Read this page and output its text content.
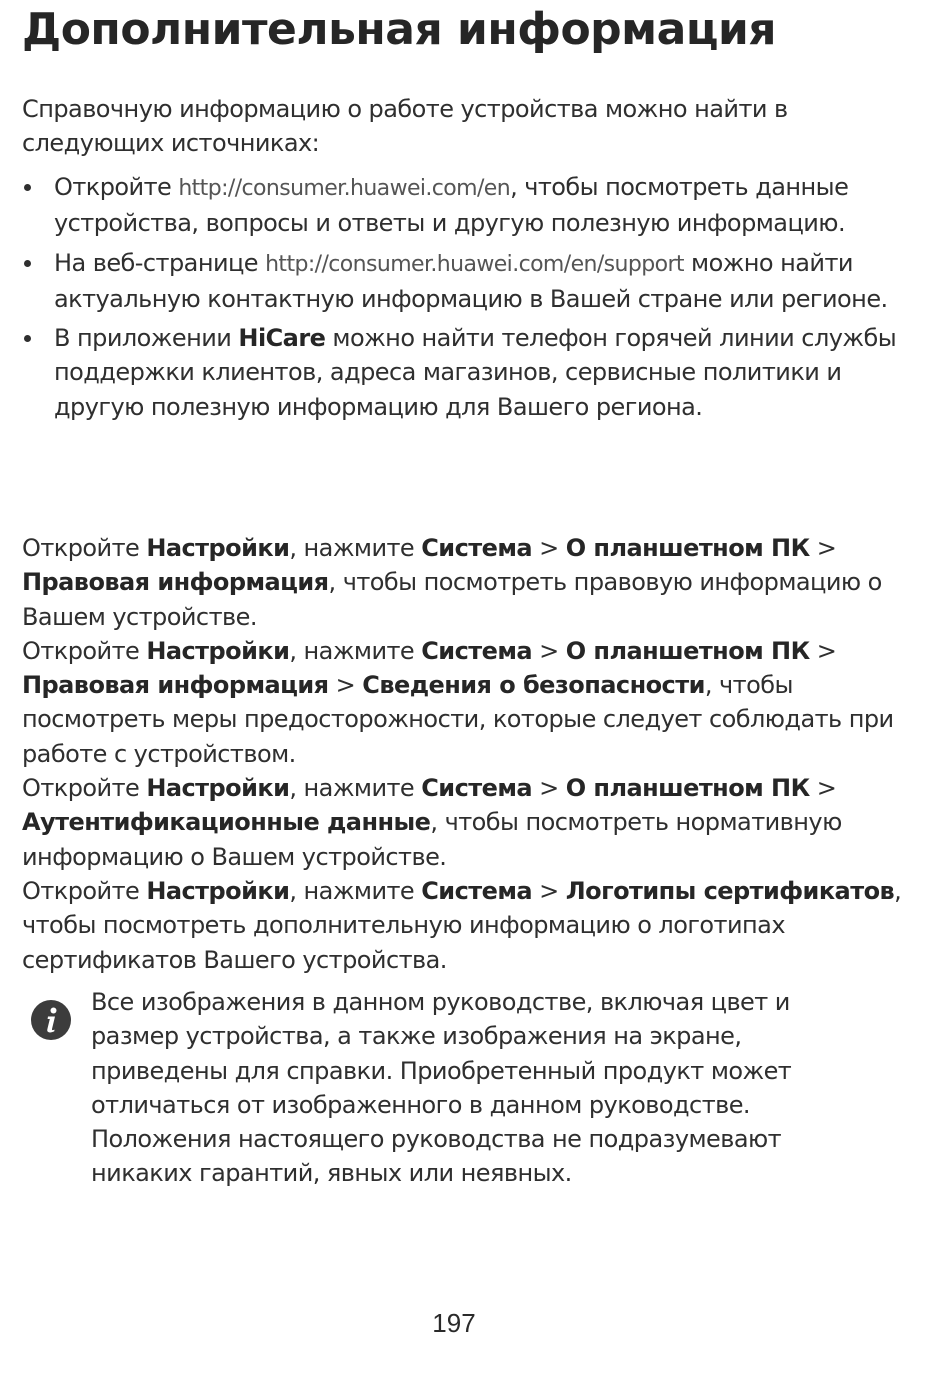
Дополнительная информация

Справочную информацию о работе устройства можно найти в следующих источниках:

Откройте http://consumer.huawei.com/en, чтобы посмотреть данные устройства, вопросы и ответы и другую полезную информацию.
На веб-странице http://consumer.huawei.com/en/support можно найти актуальную контактную информацию в Вашей стране или регионе.
В приложении HiCare можно найти телефон горячей линии службы поддержки клиентов, адреса магазинов, сервисные политики и другую полезную информацию для Вашего региона.

Откройте Настройки, нажмите Система > О планшетном ПК > Правовая информация, чтобы посмотреть правовую информацию о Вашем устройстве.

Откройте Настройки, нажмите Система > О планшетном ПК > Правовая информация > Сведения о безопасности, чтобы посмотреть меры предосторожности, которые следует соблюдать при работе с устройством.

Откройте Настройки, нажмите Система > О планшетном ПК > Аутентификационные данные, чтобы посмотреть нормативную информацию о Вашем устройстве.

Откройте Настройки, нажмите Система > Логотипы сертификатов, чтобы посмотреть дополнительную информацию о логотипах сертификатов Вашего устройства.

Все изображения в данном руководстве, включая цвет и размер устройства, а также изображения на экране, приведены для справки. Приобретенный продукт может отличаться от изображенного в данном руководстве. Положения настоящего руководства не подразумевают никаких гарантий, явных или неявных.

197
